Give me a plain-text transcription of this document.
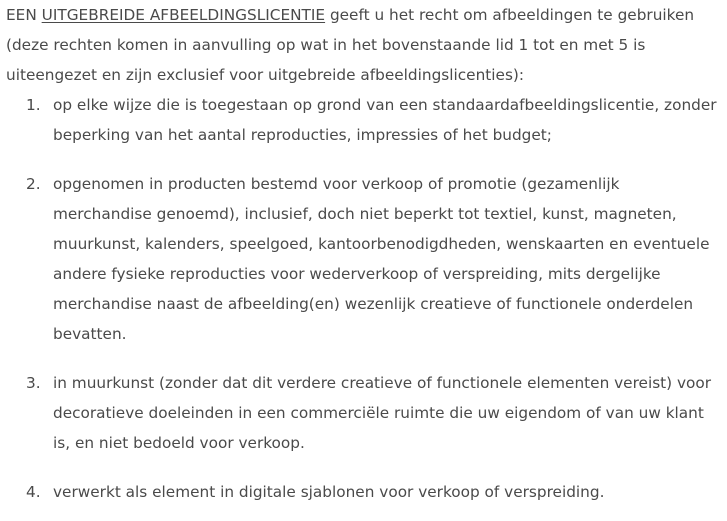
EEN UITGEBREIDE AFBEELDINGSLICENTIE geeft u het recht om afbeeldingen te gebruiken (deze rechten komen in aanvulling op wat in het bovenstaande lid 1 tot en met 5 is uiteengezet en zijn exclusief voor uitgebreide afbeeldingslicenties):

1. op elke wijze die is toegestaan op grond van een standaardafbeeldingslicentie, zonder beperking van het aantal reproducties, impressies of het budget;
2. opgenomen in producten bestemd voor verkoop of promotie (gezamenlijk merchandise genoemd), inclusief, doch niet beperkt tot textiel, kunst, magneten, muurkunst, kalenders, speelgoed, kantoorbenodigdheden, wenskaarten en eventuele andere fysieke reproducties voor wederverkoop of verspreiding, mits dergelijke merchandise naast de afbeelding(en) wezenlijk creatieve of functionele onderdelen bevatten.
3. in muurkunst (zonder dat dit verdere creatieve of functionele elementen vereist) voor decoratieve doeleinden in een commerciële ruimte die uw eigendom of van uw klant is, en niet bedoeld voor verkoop.
4. verwerkt als element in digitale sjablonen voor verkoop of verspreiding.
